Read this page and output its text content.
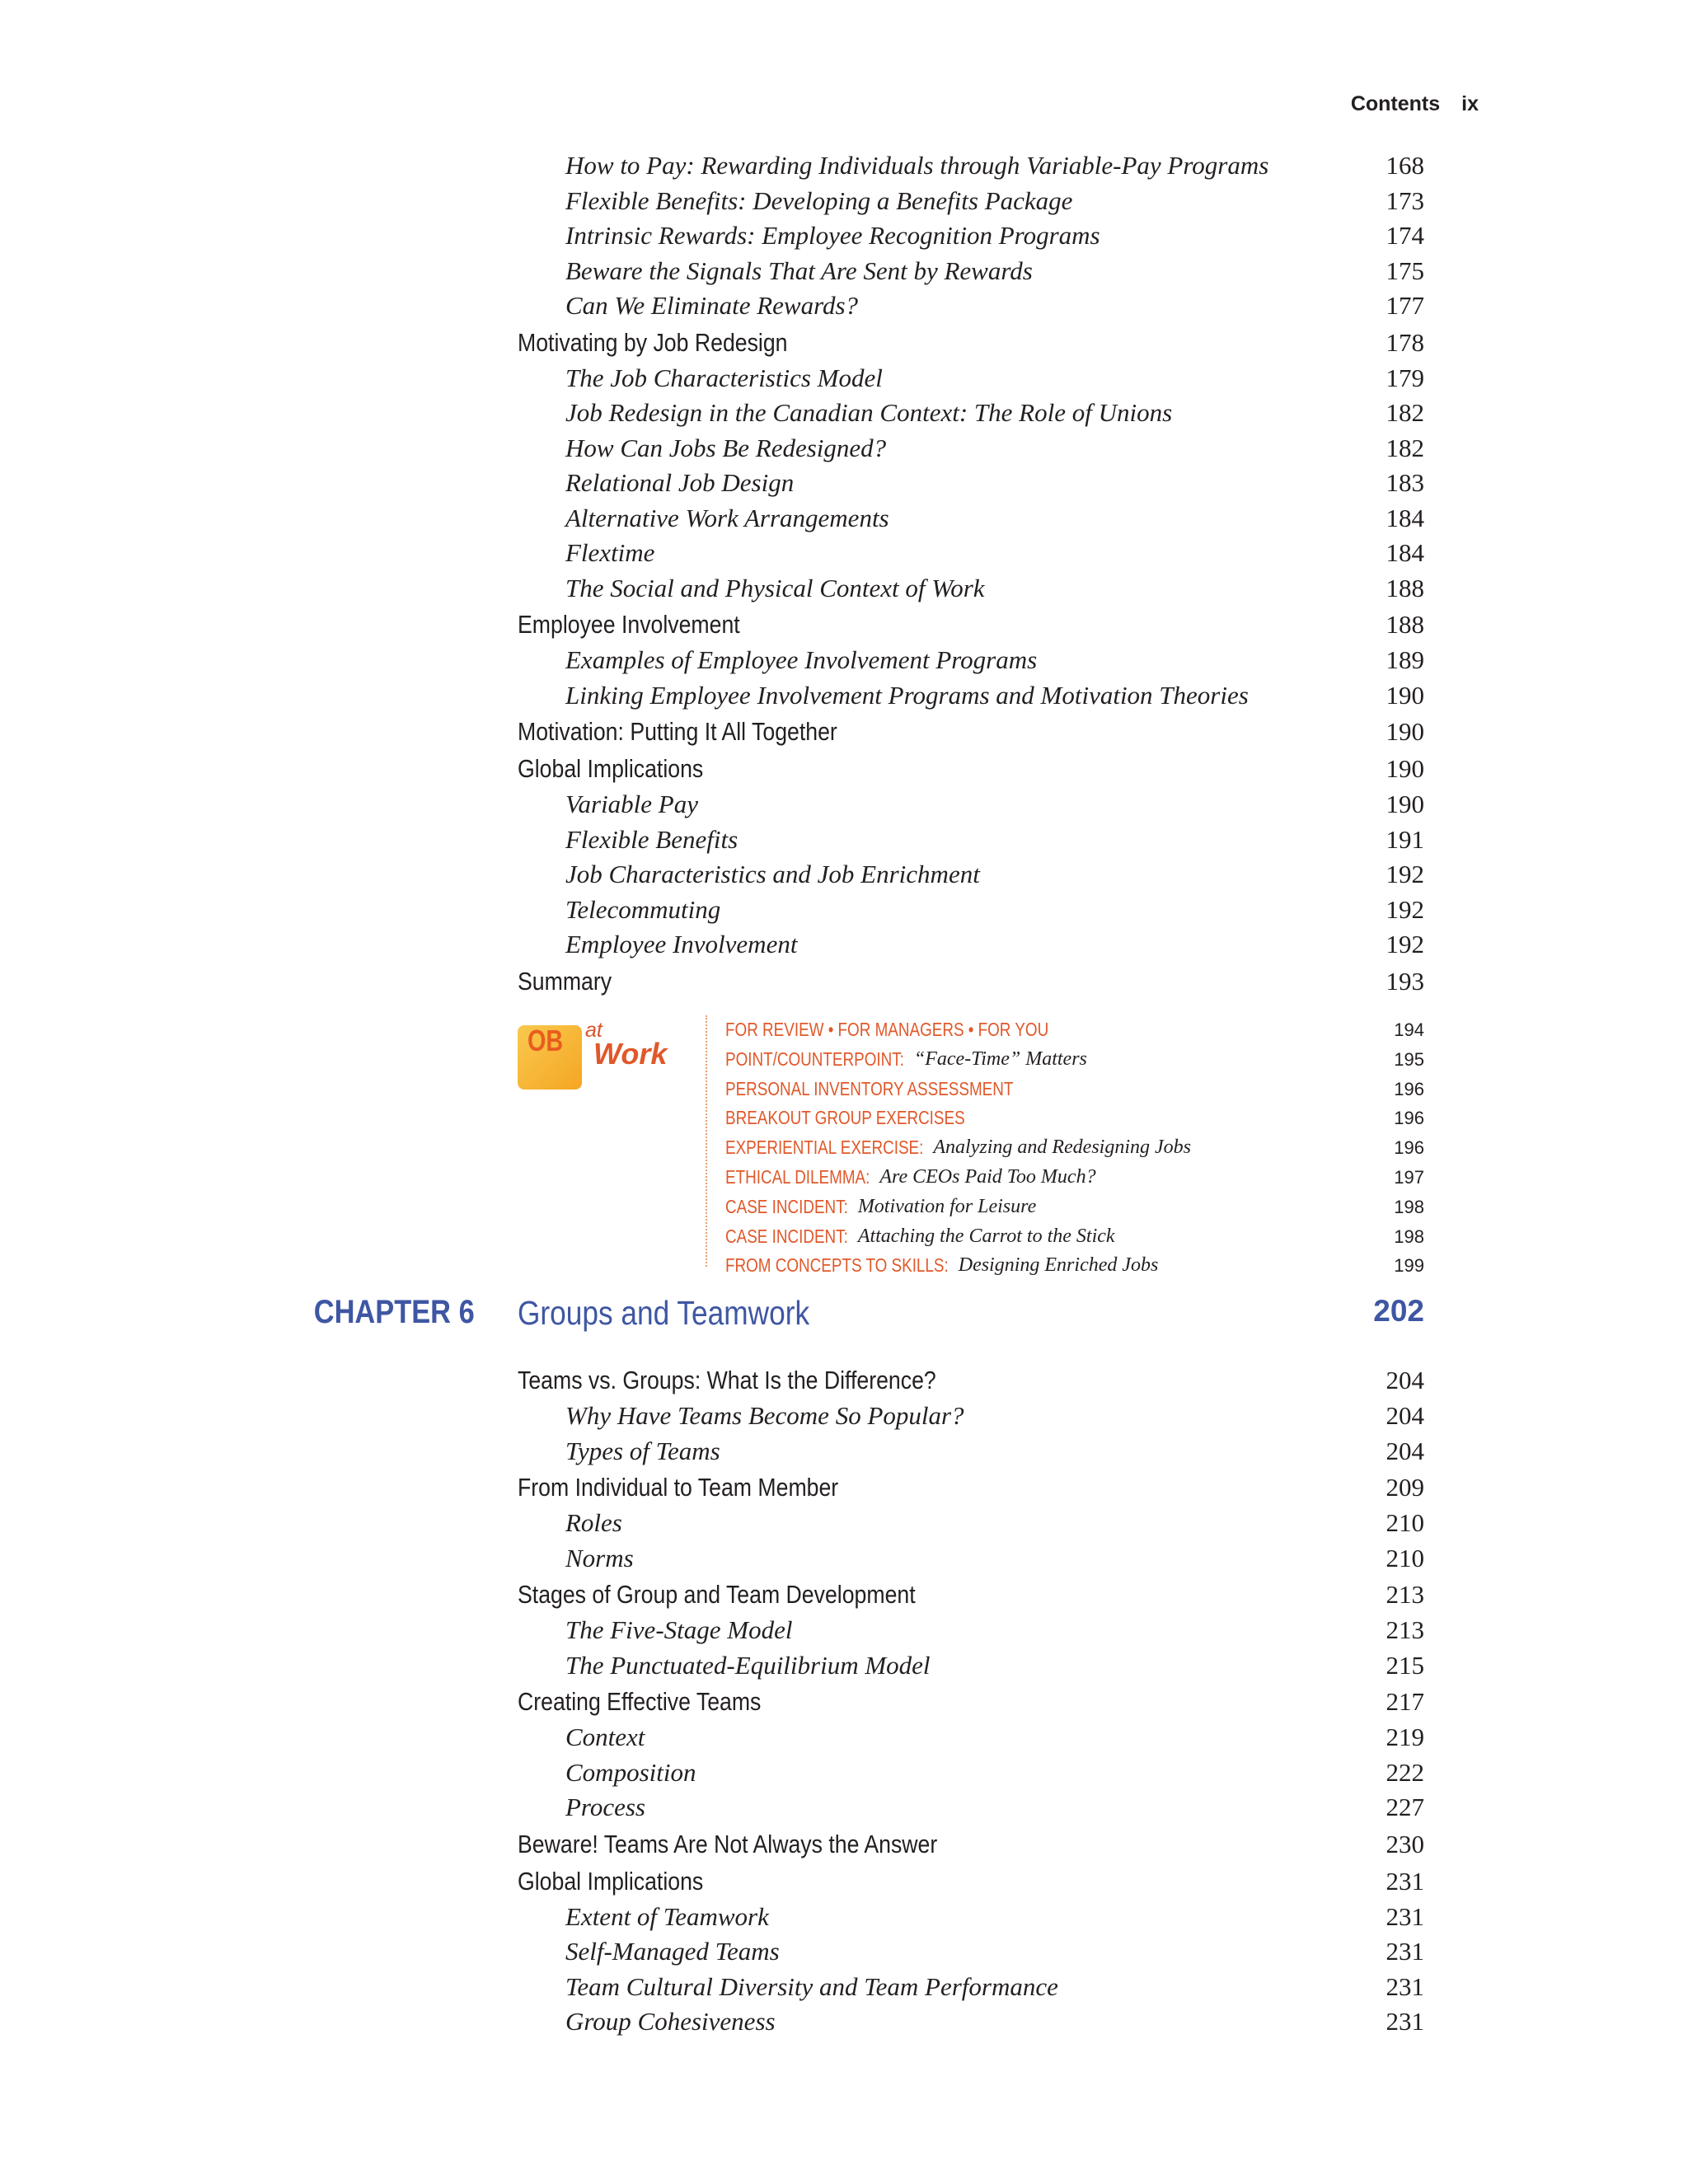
Contents ix
How to Pay: Rewarding Individuals through Variable-Pay Programs	168
Flexible Benefits: Developing a Benefits Package	173
Intrinsic Rewards: Employee Recognition Programs	174
Beware the Signals That Are Sent by Rewards	175
Can We Eliminate Rewards?	177
Motivating by Job Redesign	178
The Job Characteristics Model	179
Job Redesign in the Canadian Context: The Role of Unions	182
How Can Jobs Be Redesigned?	182
Relational Job Design	183
Alternative Work Arrangements	184
Flextime	184
The Social and Physical Context of Work	188
Employee Involvement	188
Examples of Employee Involvement Programs	189
Linking Employee Involvement Programs and Motivation Theories	190
Motivation: Putting It All Together	190
Global Implications	190
Variable Pay	190
Flexible Benefits	191
Job Characteristics and Job Enrichment	192
Telecommuting	192
Employee Involvement	192
Summary	193
OB at
Work
FOR REVIEW • FOR MANAGERS • FOR YOU	194
POINT/COUNTERPOINT: “Face-Time” Matters	195
PERSONAL INVENTORY ASSESSMENT	196
BREAKOUT GROUP EXERCISES	196
EXPERIENTIAL EXERCISE: Analyzing and Redesigning Jobs	196
ETHICAL DILEMMA: Are CEOs Paid Too Much?	197
CASE INCIDENT: Motivation for Leisure	198
CASE INCIDENT: Attaching the Carrot to the Stick	198
FROM CONCEPTS TO SKILLS: Designing Enriched Jobs	199
CHAPTER 6 Groups and Teamwork	202
Teams vs. Groups: What Is the Difference?	204
Why Have Teams Become So Popular?	204
Types of Teams	204
From Individual to Team Member	209
Roles	210
Norms	210
Stages of Group and Team Development	213
The Five-Stage Model	213
The Punctuated-Equilibrium Model	215
Creating Effective Teams	217
Context	219
Composition	222
Process	227
Beware! Teams Are Not Always the Answer	230
Global Implications	231
Extent of Teamwork	231
Self-Managed Teams	231
Team Cultural Diversity and Team Performance	231
Group Cohesiveness	231
